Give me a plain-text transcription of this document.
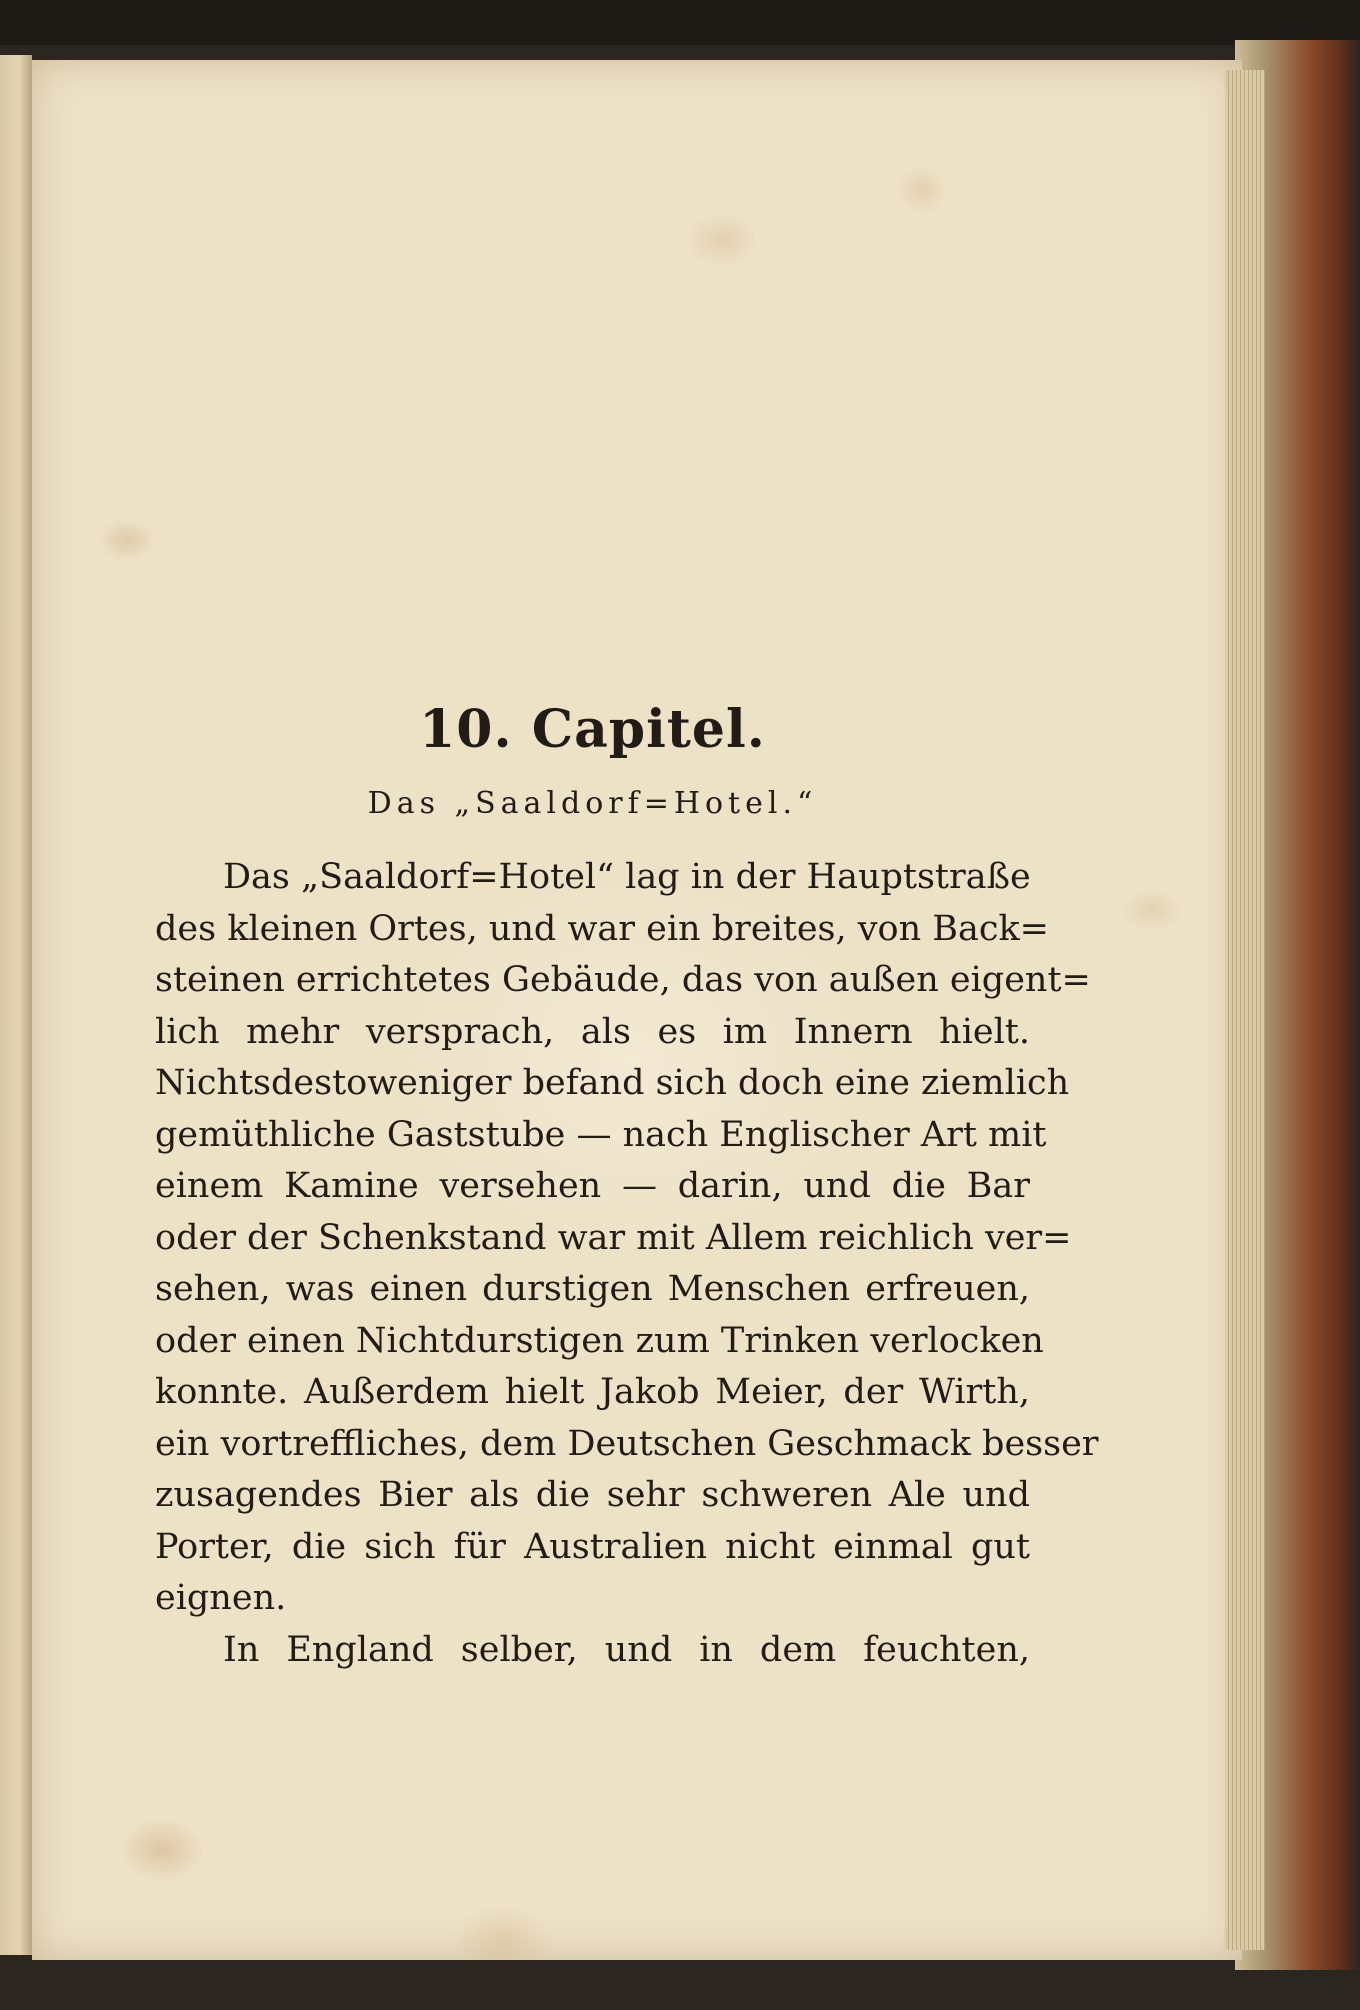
10. Capitel.
Das „Saaldorf=Hotel.“

Das „Saaldorf=Hotel“ lag in der Hauptstraße
des kleinen Ortes, und war ein breites, von Back=
steinen errichtetes Gebäude, das von außen eigent=
lich mehr versprach, als es im Innern hielt.
Nichtsdestoweniger befand sich doch eine ziemlich
gemüthliche Gaststube — nach Englischer Art mit
einem Kamine versehen — darin, und die Bar
oder der Schenkstand war mit Allem reichlich ver=
sehen, was einen durstigen Menschen erfreuen,
oder einen Nichtdurstigen zum Trinken verlocken
konnte. Außerdem hielt Jakob Meier, der Wirth,
ein vortreffliches, dem Deutschen Geschmack besser
zusagendes Bier als die sehr schweren Ale und
Porter, die sich für Australien nicht einmal gut
eignen.

In England selber, und in dem feuchten,
